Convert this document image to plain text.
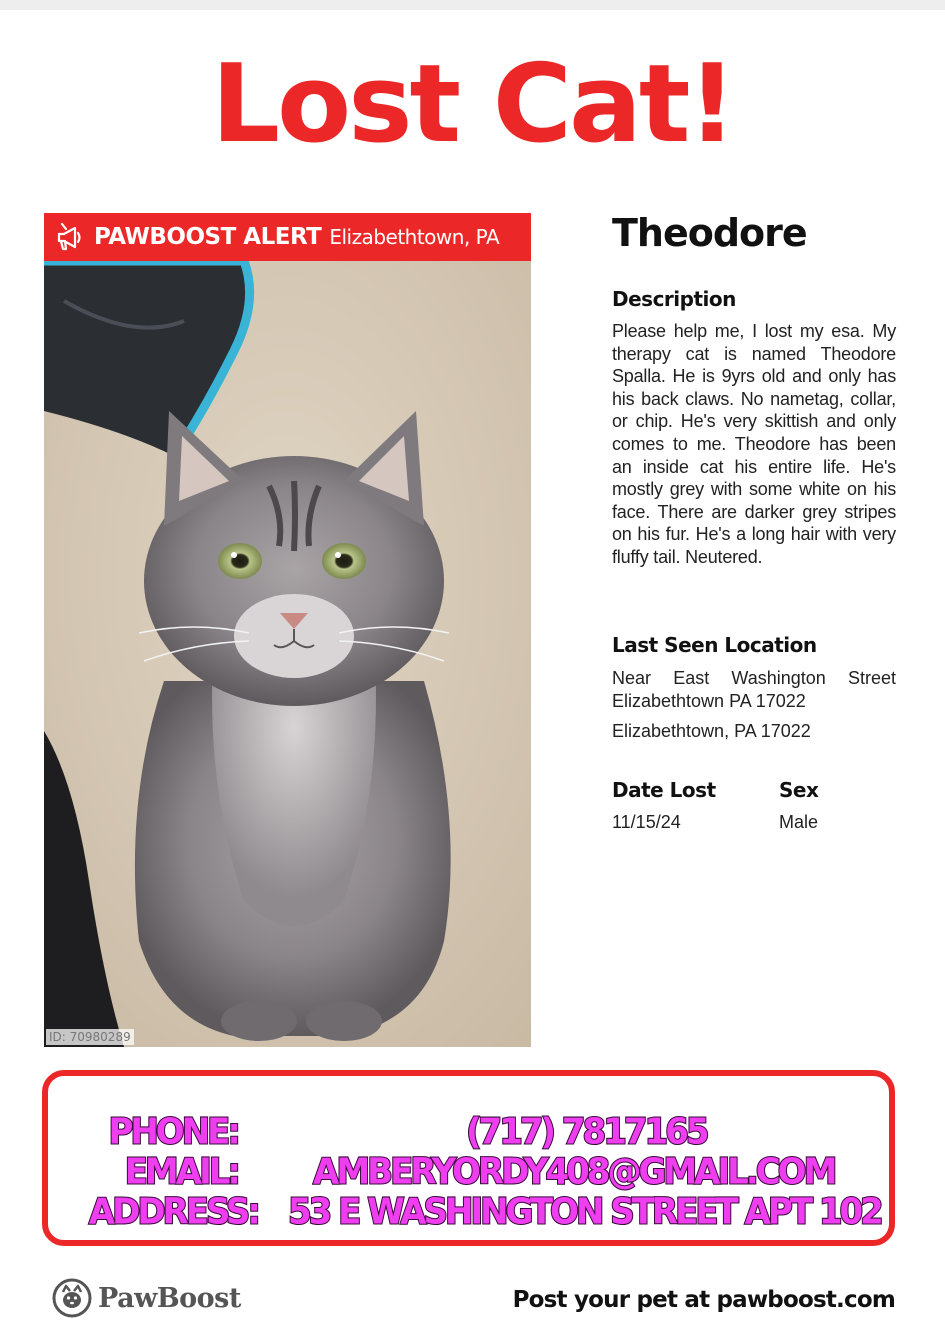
Lost Cat!
PAWBOOST ALERT Elizabethtown, PA
ID: 70980289
Theodore
Description
Please help me, I lost my esa. My therapy cat is named Theodore Spalla. He is 9yrs old and only has his back claws. No nametag, collar, or chip. He's very skittish and only comes to me. Theodore has been an inside cat his entire life. He's mostly grey with some white on his face. There are darker grey stripes on his fur. He's a long hair with very fluffy tail. Neutered.
Last Seen Location
Near East Washington Street Elizabethtown PA 17022
Elizabethtown, PA 17022
Date Lost
11/15/24
Sex
Male
PHONE:	(717) 7817165
EMAIL: AMBERYORDY408@GMAIL.COM
ADDRESS: 53 E WASHINGTON STREET APT 102
PawBoost	Post your pet at pawboost.com
